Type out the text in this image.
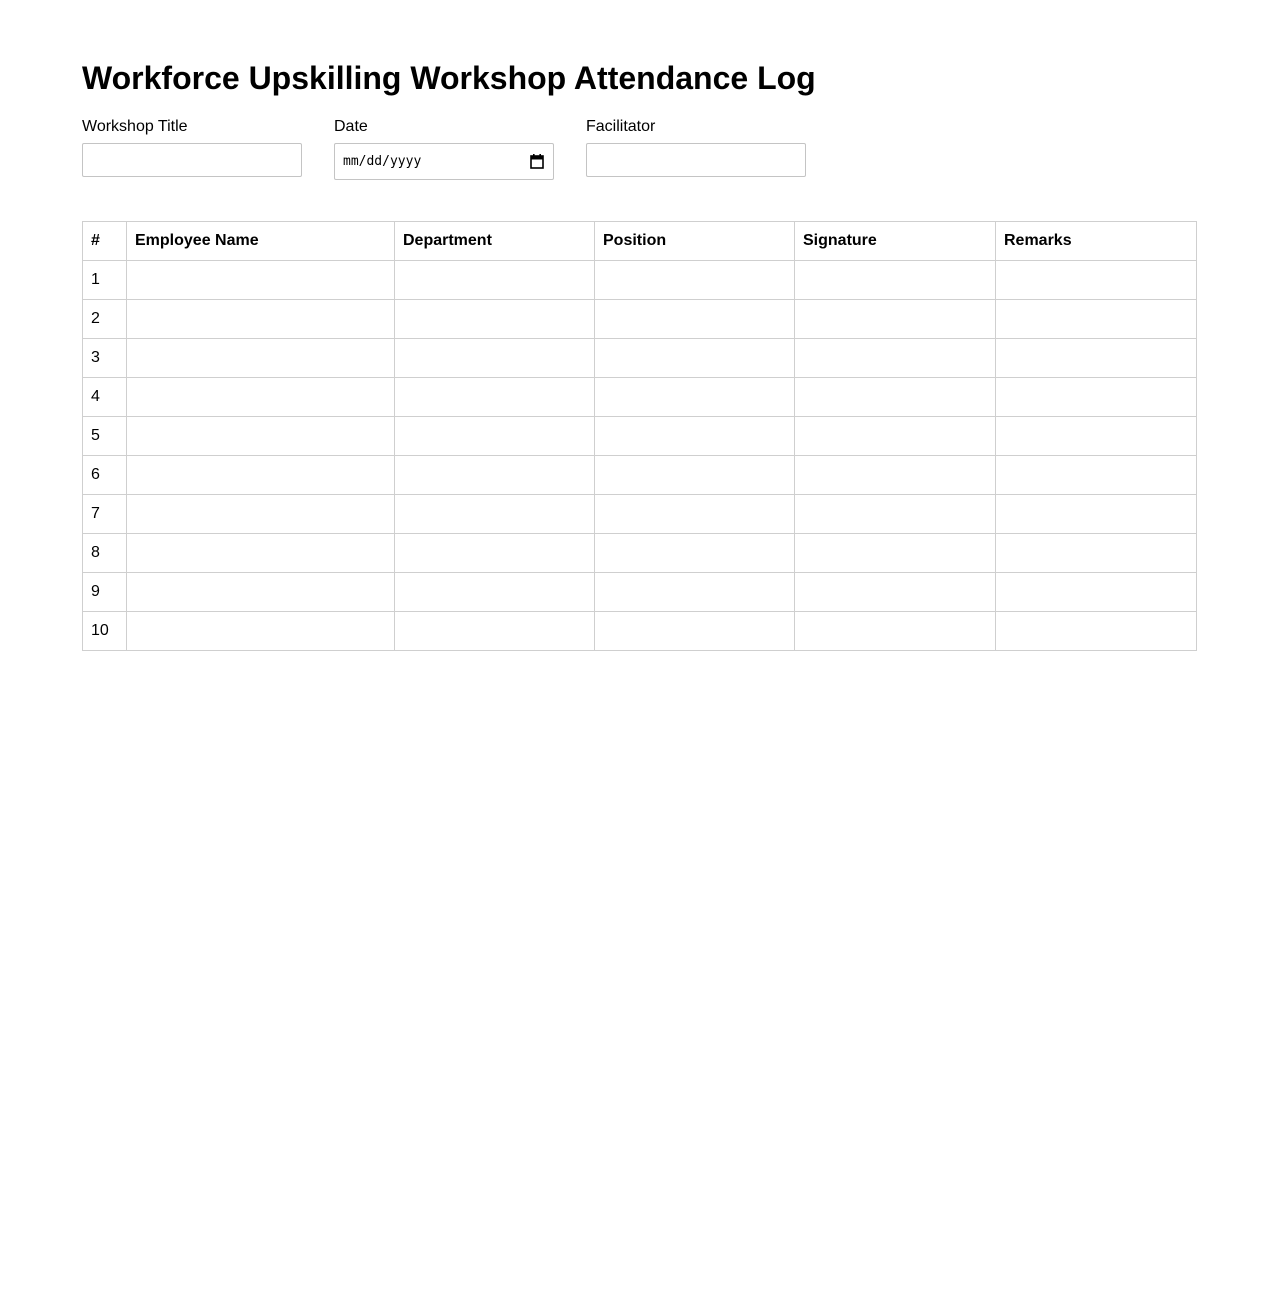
Workforce Upskilling Workshop Attendance Log
Workshop Title	Date
mm/dd/yyyy
Facilitator
#	Employee Name	Department	Position	Signature	Remarks
1					
2					
3					
4					
5					
6					
7					
8					
9					
10					
